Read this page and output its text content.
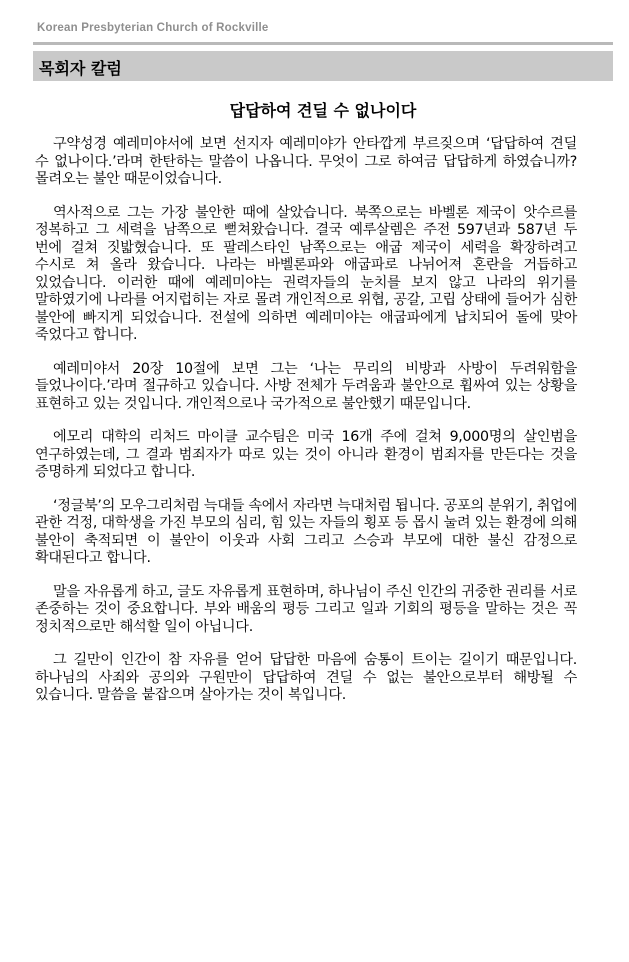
Korean Presbyterian Church of Rockville
목회자 칼럼
답답하여 견딜 수 없나이다

구약성경 예레미야서에 보면 선지자 예레미야가 안타깝게 부르짖으며 ‘답답하여 견딜 수 없나이다.’라며 한탄하는 말씀이 나옵니다. 무엇이 그로 하여금 답답하게 하였습니까? 몰려오는 불안 때문이었습니다.

역사적으로 그는 가장 불안한 때에 살았습니다. 북쪽으로는 바벨론 제국이 앗수르를 정복하고 그 세력을 남쪽으로 뻗쳐왔습니다. 결국 예루살렘은 주전 597년과 587년 두 번에 걸쳐 짓밟혔습니다. 또 팔레스타인 남쪽으로는 애굽 제국이 세력을 확장하려고 수시로 쳐 올라 왔습니다. 나라는 바벨론파와 애굽파로 나뉘어져 혼란을 거듭하고 있었습니다. 이러한 때에 예레미야는 권력자들의 눈치를 보지 않고 나라의 위기를 말하였기에 나라를 어지럽히는 자로 몰려 개인적으로 위협, 공갈, 고립 상태에 들어가 심한 불안에 빠지게 되었습니다. 전설에 의하면 예레미야는 애굽파에게 납치되어 돌에 맞아 죽었다고 합니다.

예레미야서 20장 10절에 보면 그는 ‘나는 무리의 비방과 사방이 두려워함을 들었나이다.’라며 절규하고 있습니다. 사방 전체가 두려움과 불안으로 휩싸여 있는 상황을 표현하고 있는 것입니다. 개인적으로나 국가적으로 불안했기 때문입니다.

에모리 대학의 리처드 마이클 교수팀은 미국 16개 주에 걸쳐 9,000명의 살인범을 연구하였는데, 그 결과 범죄자가 따로 있는 것이 아니라 환경이 범죄자를 만든다는 것을 증명하게 되었다고 합니다.

‘정글북’의 모우그리처럼 늑대들 속에서 자라면 늑대처럼 됩니다. 공포의 분위기, 취업에 관한 걱정, 대학생을 가진 부모의 심리, 힘 있는 자들의 횡포 등 몹시 눌려 있는 환경에 의해 불안이 축적되면 이 불안이 이웃과 사회 그리고 스승과 부모에 대한 불신 감정으로 확대된다고 합니다.

말을 자유롭게 하고, 글도 자유롭게 표현하며, 하나님이 주신 인간의 귀중한 권리를 서로 존중하는 것이 중요합니다. 부와 배움의 평등 그리고 일과 기회의 평등을 말하는 것은 꼭 정치적으로만 해석할 일이 아닙니다.

그 길만이 인간이 참 자유를 얻어 답답한 마음에 숨통이 트이는 길이기 때문입니다. 하나님의 사죄와 공의와 구원만이 답답하여 견딜 수 없는 불안으로부터 해방될 수 있습니다. 말씀을 붙잡으며 살아가는 것이 복입니다.
